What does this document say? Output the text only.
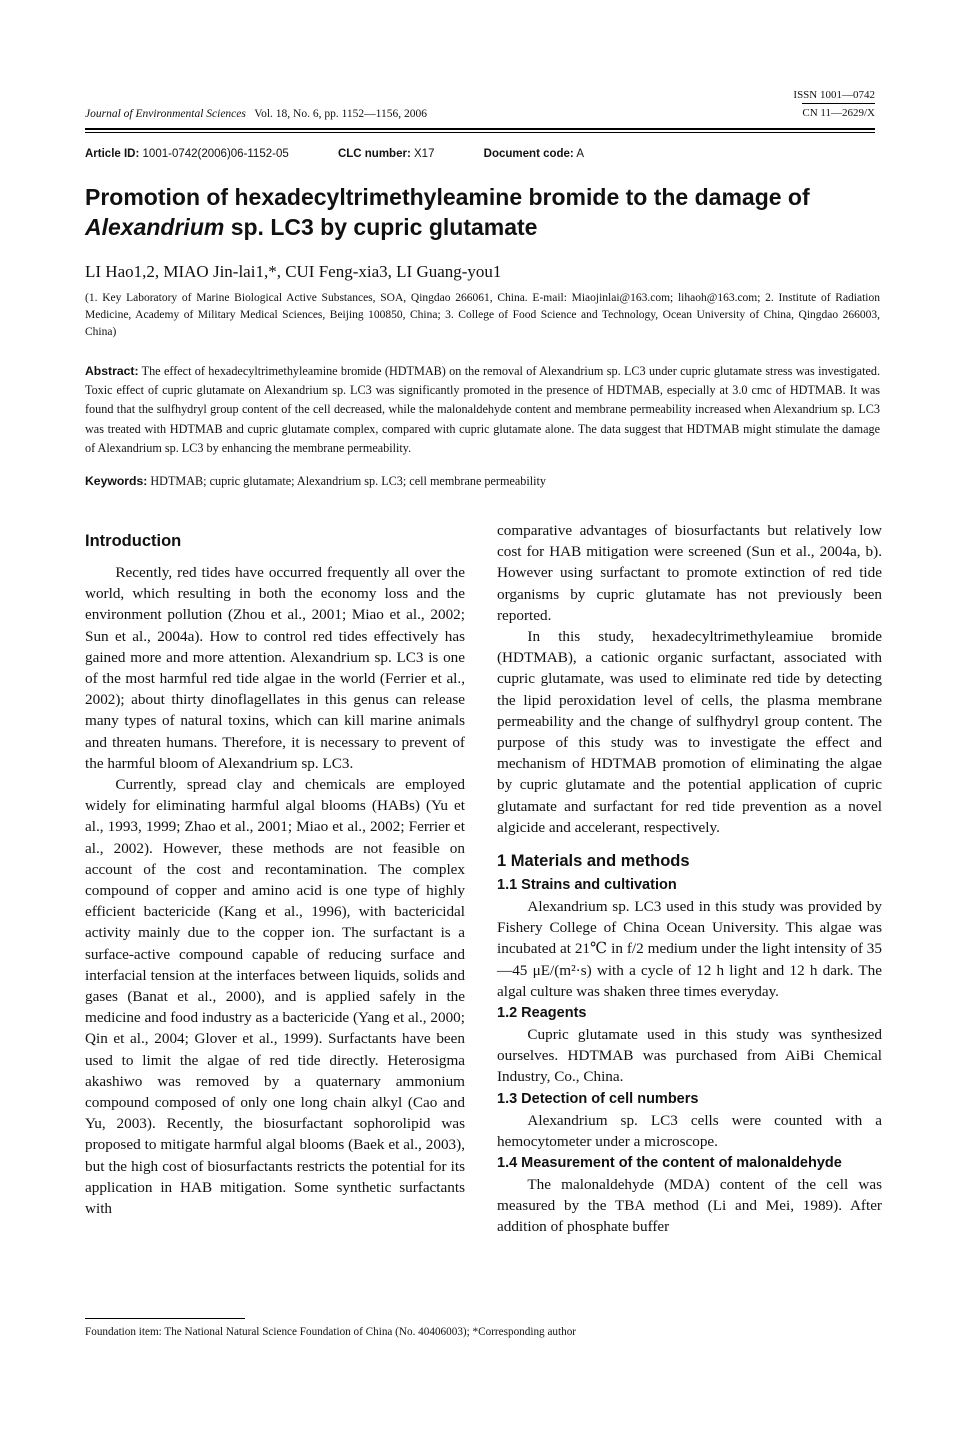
ISSN 1001—0742
CN 11—2629/X
Journal of Environmental Sciences Vol. 18, No. 6, pp. 1152—1156, 2006
Article ID: 1001-0742(2006)06-1152-05	CLC number: X17	Document code: A
Promotion of hexadecyltrimethyleamine bromide to the damage of
Alexandrium sp. LC3 by cupric glutamate
LI Hao1,2, MIAO Jin-lai1,*, CUI Feng-xia3, LI Guang-you1
(1. Key Laboratory of Marine Biological Active Substances, SOA, Qingdao 266061, China. E-mail: Miaojinlai@163.com; lihaoh@163.com; 2. Institute of Radiation Medicine, Academy of Military Medical Sciences, Beijing 100850, China; 3. College of Food Science and Technology, Ocean University of China, Qingdao 266003, China)
Abstract: The effect of hexadecyltrimethyleamine bromide (HDTMAB) on the removal of Alexandrium sp. LC3 under cupric glutamate stress was investigated. Toxic effect of cupric glutamate on Alexandrium sp. LC3 was significantly promoted in the presence of HDTMAB, especially at 3.0 cmc of HDTMAB. It was found that the sulfhydryl group content of the cell decreased, while the malonaldehyde content and membrane permeability increased when Alexandrium sp. LC3 was treated with HDTMAB and cupric glutamate complex, compared with cupric glutamate alone. The data suggest that HDTMAB might stimulate the damage of Alexandrium sp. LC3 by enhancing the membrane permeability.
Keywords: HDTMAB; cupric glutamate; Alexandrium sp. LC3; cell membrane permeability
Introduction

Recently, red tides have occurred frequently all over the world, which resulting in both the economy loss and the environment pollution (Zhou et al., 2001; Miao et al., 2002; Sun et al., 2004a). How to control red tides effectively has gained more and more attention. Alexandrium sp. LC3 is one of the most harmful red tide algae in the world (Ferrier et al., 2002); about thirty dinoflagellates in this genus can release many types of natural toxins, which can kill marine animals and threaten humans. Therefore, it is necessary to prevent of the harmful bloom of Alexandrium sp. LC3.

Currently, spread clay and chemicals are employed widely for eliminating harmful algal blooms (HABs) (Yu et al., 1993, 1999; Zhao et al., 2001; Miao et al., 2002; Ferrier et al., 2002). However, these methods are not feasible on account of the cost and recontamination. The complex compound of copper and amino acid is one type of highly efficient bactericide (Kang et al., 1996), with bactericidal activity mainly due to the copper ion. The surfactant is a surface-active compound capable of reducing surface and interfacial tension at the interfaces between liquids, solids and gases (Banat et al., 2000), and is applied safely in the medicine and food industry as a bactericide (Yang et al., 2000; Qin et al., 2004; Glover et al., 1999). Surfactants have been used to limit the algae of red tide directly. Heterosigma akashiwo was removed by a quaternary ammonium compound composed of only one long chain alkyl (Cao and Yu, 2003). Recently, the biosurfactant sophorolipid was proposed to mitigate harmful algal blooms (Baek et al., 2003), but the high cost of biosurfactants restricts the potential for its application in HAB mitigation. Some synthetic surfactants with

comparative advantages of biosurfactants but relatively low cost for HAB mitigation were screened (Sun et al., 2004a, b). However using surfactant to promote extinction of red tide organisms by cupric glutamate has not previously been reported.

In this study, hexadecyltrimethyleamiue bromide (HDTMAB), a cationic organic surfactant, associated with cupric glutamate, was used to eliminate red tide by detecting the lipid peroxidation level of cells, the plasma membrane permeability and the change of sulfhydryl group content. The purpose of this study was to investigate the effect and mechanism of HDTMAB promotion of eliminating the algae by cupric glutamate and the potential application of cupric glutamate and surfactant for red tide prevention as a novel algicide and accelerant, respectively.

1 Materials and methods
1.1 Strains and cultivation

Alexandrium sp. LC3 used in this study was provided by Fishery College of China Ocean University. This algae was incubated at 21℃ in f/2 medium under the light intensity of 35—45 μE/(m²·s) with a cycle of 12 h light and 12 h dark. The algal culture was shaken three times everyday.

1.2 Reagents

Cupric glutamate used in this study was synthesized ourselves. HDTMAB was purchased from AiBi Chemical Industry, Co., China.

1.3 Detection of cell numbers

Alexandrium sp. LC3 cells were counted with a hemocytometer under a microscope.

1.4 Measurement of the content of malonaldehyde

The malonaldehyde (MDA) content of the cell was measured by the TBA method (Li and Mei, 1989). After addition of phosphate buffer

Foundation item: The National Natural Science Foundation of China (No. 40406003); *Corresponding author
